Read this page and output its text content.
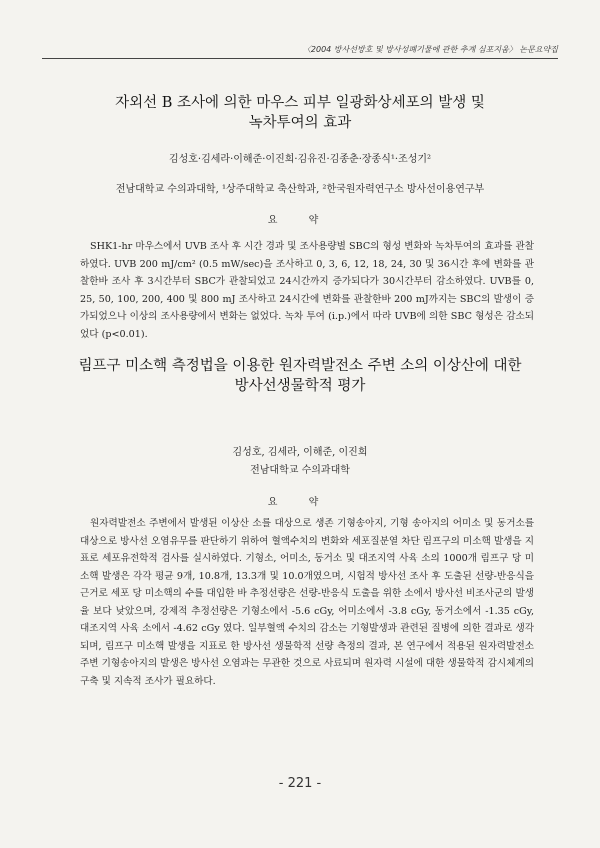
〈2004 방사선방호 및 방사성폐기물에 관한 추계 심포지움〉 논문요약집
자외선 B 조사에 의한 마우스 피부 일광화상세포의 발생 및
녹차투여의 효과
김성호·김세라·이해준·이진희·김유진·김종춘·장종식¹·조성기²
전남대학교 수의과대학, ¹상주대학교 축산학과, ²한국원자력연구소 방사선이용연구부
요 약
SHK1-hr 마우스에서 UVB 조사 후 시간 경과 및 조사용량별 SBC의 형성 변화와 녹차투여의 효과를 관찰하였다. UVB 200 mJ/cm² (0.5 mW/sec)을 조사하고 0, 3, 6, 12, 18, 24, 30 및 36시간 후에 변화를 관찰한바 조사 후 3시간부터 SBC가 관찰되었고 24시간까지 증가되다가 30시간부터 감소하였다. UVB를 0, 25, 50, 100, 200, 400 및 800 mJ 조사하고 24시간에 변화를 관찰한바 200 mJ까지는 SBC의 발생이 증가되었으나 이상의 조사용량에서 변화는 없었다. 녹차 투여 (i.p.)에서 따라 UVB에 의한 SBC 형성은 감소되었다 (p<0.01).
림프구 미소핵 측정법을 이용한 원자력발전소 주변 소의 이상산에 대한
방사선생물학적 평가
김성호, 김세라, 이해준, 이진희
전남대학교 수의과대학
요 약
원자력발전소 주변에서 발생된 이상산 소를 대상으로 생존 기형송아지, 기형 송아지의 어미소 및 동거소를 대상으로 방사선 오염유무를 판단하기 위하여 혈액수치의 변화와 세포질분열 차단 림프구의 미소핵 발생을 지표로 세포유전학적 검사를 실시하였다. 기형소, 어미소, 동거소 및 대조지역 사육 소의 1000개 림프구 당 미소핵 발생은 각각 평균 9개, 10.8개, 13.3개 및 10.0개였으며, 시험적 방사선 조사 후 도출된 선량-반응식을 근거로 세포 당 미소핵의 수를 대입한 바 추정선량은 선량-반응식 도출을 위한 소에서 방사선 비조사군의 발생율 보다 낮았으며, 강제적 추정선량은 기형소에서 -5.6 cGy, 어미소에서 -3.8 cGy, 동거소에서 -1.35 cGy, 대조지역 사육 소에서 -4.62 cGy 였다. 일부혈액 수치의 감소는 기형발생과 관련된 질병에 의한 결과로 생각되며, 림프구 미소핵 발생을 지표로 한 방사선 생물학적 선량 측정의 결과, 본 연구에서 적용된 원자력발전소 주변 기형송아지의 발생은 방사선 오염과는 무관한 것으로 사료되며 원자력 시설에 대한 생물학적 감시체계의 구축 및 지속적 조사가 필요하다.
- 221 -
